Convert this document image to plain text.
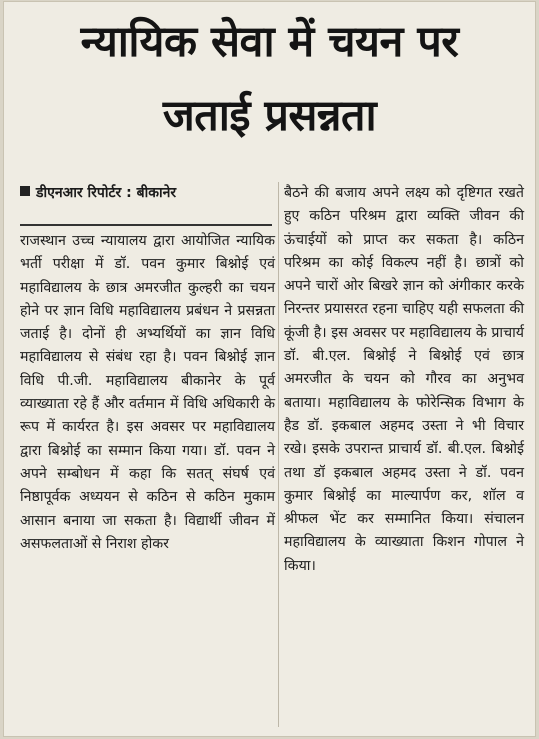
न्यायिक सेवा में चयन पर
जताई प्रसन्नता
डीएनआर रिपोर्टर : बीकानेर

राजस्थान उच्च न्यायालय द्वारा आयोजित न्यायिक भर्ती परीक्षा में डॉ. पवन कुमार बिश्नोई एवं महाविद्यालय के छात्र अमरजीत कुल्हरी का चयन होने पर ज्ञान विधि महाविद्यालय प्रबंधन ने प्रसन्नता जताई है। दोनों ही अभ्यर्थियों का ज्ञान विधि महाविद्यालय से संबंध रहा है। पवन बिश्नोई ज्ञान विधि पी.जी. महाविद्यालय बीकानेर के पूर्व व्याख्याता रहे हैं और वर्तमान में विधि अधिकारी के रूप में कार्यरत है। इस अवसर पर महाविद्यालय द्वारा बिश्नोई का सम्मान किया गया। डॉ. पवन ने अपने सम्बोधन में कहा कि सतत् संघर्ष एवं निष्ठापूर्वक अध्ययन से कठिन से कठिन मुकाम आसान बनाया जा सकता है। विद्यार्थी जीवन में असफलताओं से निराश होकर

बैठने की बजाय अपने लक्ष्य को दृष्टिगत रखते हुए कठिन परिश्रम द्वारा व्यक्ति जीवन की ऊंचाईयों को प्राप्त कर सकता है। कठिन परिश्रम का कोई विकल्प नहीं है। छात्रों को अपने चारों ओर बिखरे ज्ञान को अंगीकार करके निरन्तर प्रयासरत रहना चाहिए यही सफलता की कूंजी है। इस अवसर पर महाविद्यालय के प्राचार्य डॉ. बी.एल. बिश्नोई ने बिश्नोई एवं छात्र अमरजीत के चयन को गौरव का अनुभव बताया। महाविद्यालय के फोरेन्सिक विभाग के हैड डॉ. इकबाल अहमद उस्ता ने भी विचार रखे। इसके उपरान्त प्राचार्य डॉ. बी.एल. बिश्नोई तथा डॉ इकबाल अहमद उस्ता ने डॉ. पवन कुमार बिश्नोई का माल्यार्पण कर, शॉल व श्रीफल भेंट कर सम्मानित किया। संचालन महाविद्यालय के व्याख्याता किशन गोपाल ने किया।
